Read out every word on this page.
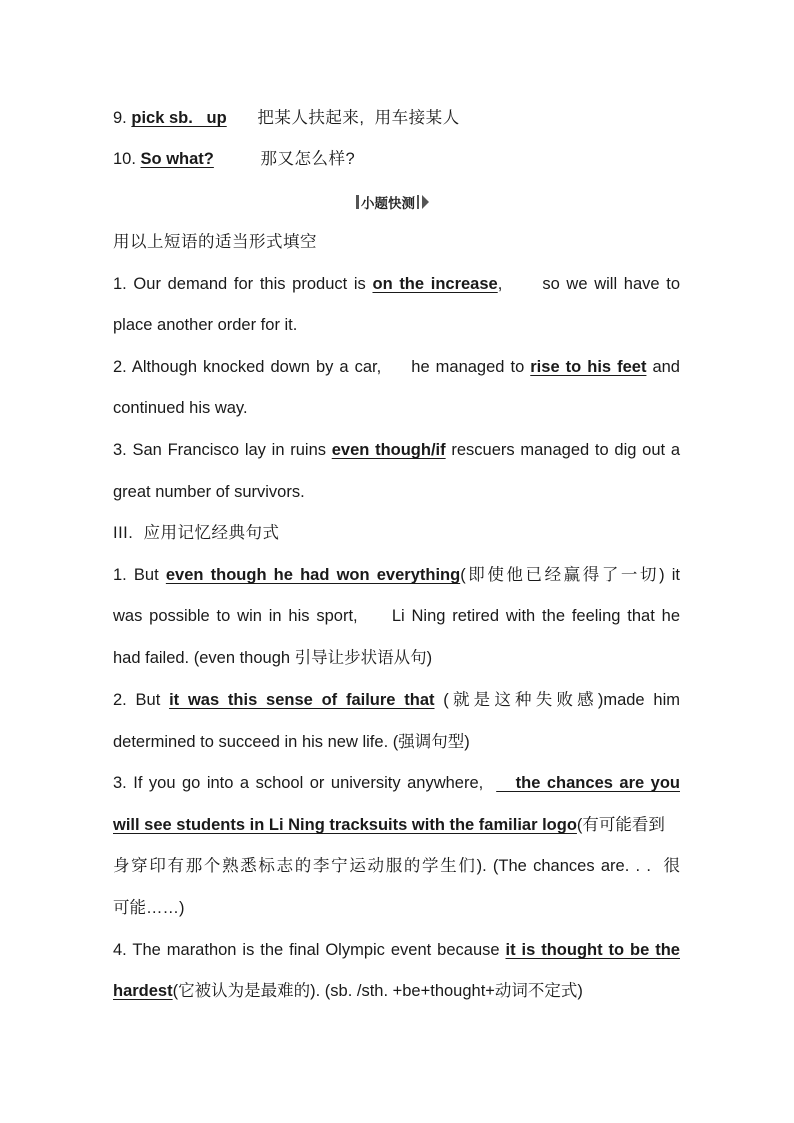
9. pick sb.   up 把某人扶起来,  用车接某人
10. So what?	那又怎么样?
小题快测
用以上短语的适当形式填空
1. Our demand for this product is on the increase,      so we will have to
place another order for it.
2. Although knocked down by a car,     he managed to rise to his feet and
continued his way.
3. San Francisco lay in ruins even though/if rescuers managed to dig out a
great number of survivors.
III.  应用记忆经典句式
1. But even though he had won everything(即使他已经赢得了一切) it
was possible to win in his sport,     Li Ning retired with the feeling that he
had failed. (even though 引导让步状语从句)
2. But it was this sense of failure that (就是这种失败感)made him
determined to succeed in his new life. (强调句型)
3. If you go into a school or university anywhere,     the chances are you
will see students in Li Ning tracksuits with the familiar logo(有可能看到
身穿印有那个熟悉标志的李宁运动服的学生们). (The chances are. . .  很
可能……)
4. The marathon is the final Olympic event because it is thought to be the
hardest(它被认为是最难的). (sb. /sth. +be+thought+动词不定式)
